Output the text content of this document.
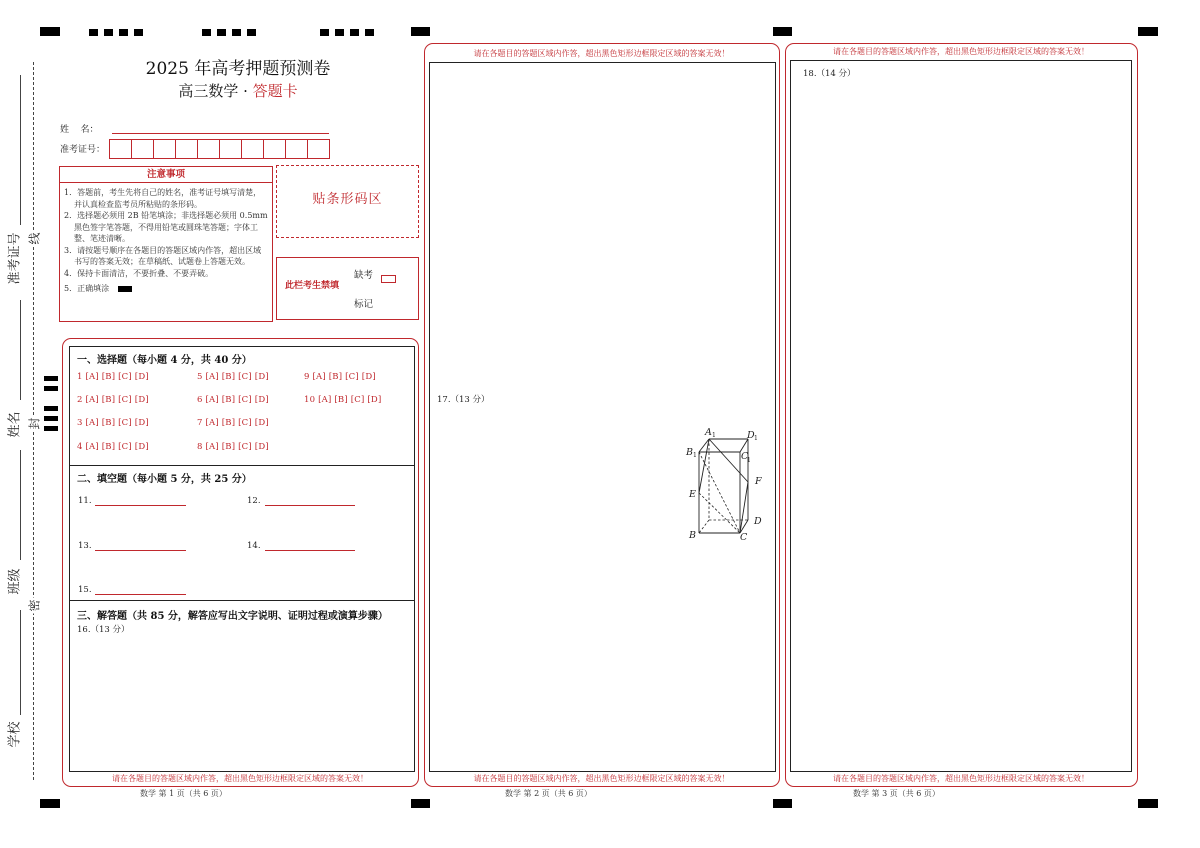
准考证号
姓名
班级
学校
线
封
密
2025 年高考押题预测卷
高三数学 · 答题卡
姓    名：
准考证号：
注意事项

1．答题前，考生先将自己的姓名，准考证号填写清楚，并认真检查监考员所粘贴的条形码。

2．选择题必须用 2B 铅笔填涂；非选择题必须用 0.5mm 黑色签字笔答题，不得用铅笔或圆珠笔答题；字体工整、笔迹清晰。

3．请按题号顺序在各题目的答题区域内作答，超出区域书写的答案无效；在草稿纸、试题卷上答题无效。

4．保持卡面清洁，不要折叠、不要弄破。

5．正确填涂

贴条形码区
此栏考生禁填
缺考
标记
一、选择题（每小题 4 分，共 40 分）
1 [A] [B] [C] [D]
2 [A] [B] [C] [D]
3 [A] [B] [C] [D]
4 [A] [B] [C] [D]
5 [A] [B] [C] [D]
6 [A] [B] [C] [D]
7 [A] [B] [C] [D]
8 [A] [B] [C] [D]
9 [A] [B] [C] [D]
10 [A] [B] [C] [D]
二、填空题（每小题 5 分，共 25 分）
11.	12.
13.	14.
15.
三、解答题（共 85 分，解答应写出文字说明、证明过程或演算步骤）
16.（13 分）
请在各题目的答题区域内作答，超出黑色矩形边框限定区域的答案无效！
数学 第 1 页（共 6 页）
请在各题目的答题区域内作答，超出黑色矩形边框限定区域的答案无效！
17.（13 分）
A 1	D 1
B 1	C
1
E
F
D
B	C
请在各题目的答题区域内作答，超出黑色矩形边框限定区域的答案无效！
数学 第 2 页（共 6 页）
请在各题目的答题区域内作答，超出黑色矩形边框限定区域的答案无效！
18.（14 分）
请在各题目的答题区域内作答，超出黑色矩形边框限定区域的答案无效！
数学 第 3 页（共 6 页）
